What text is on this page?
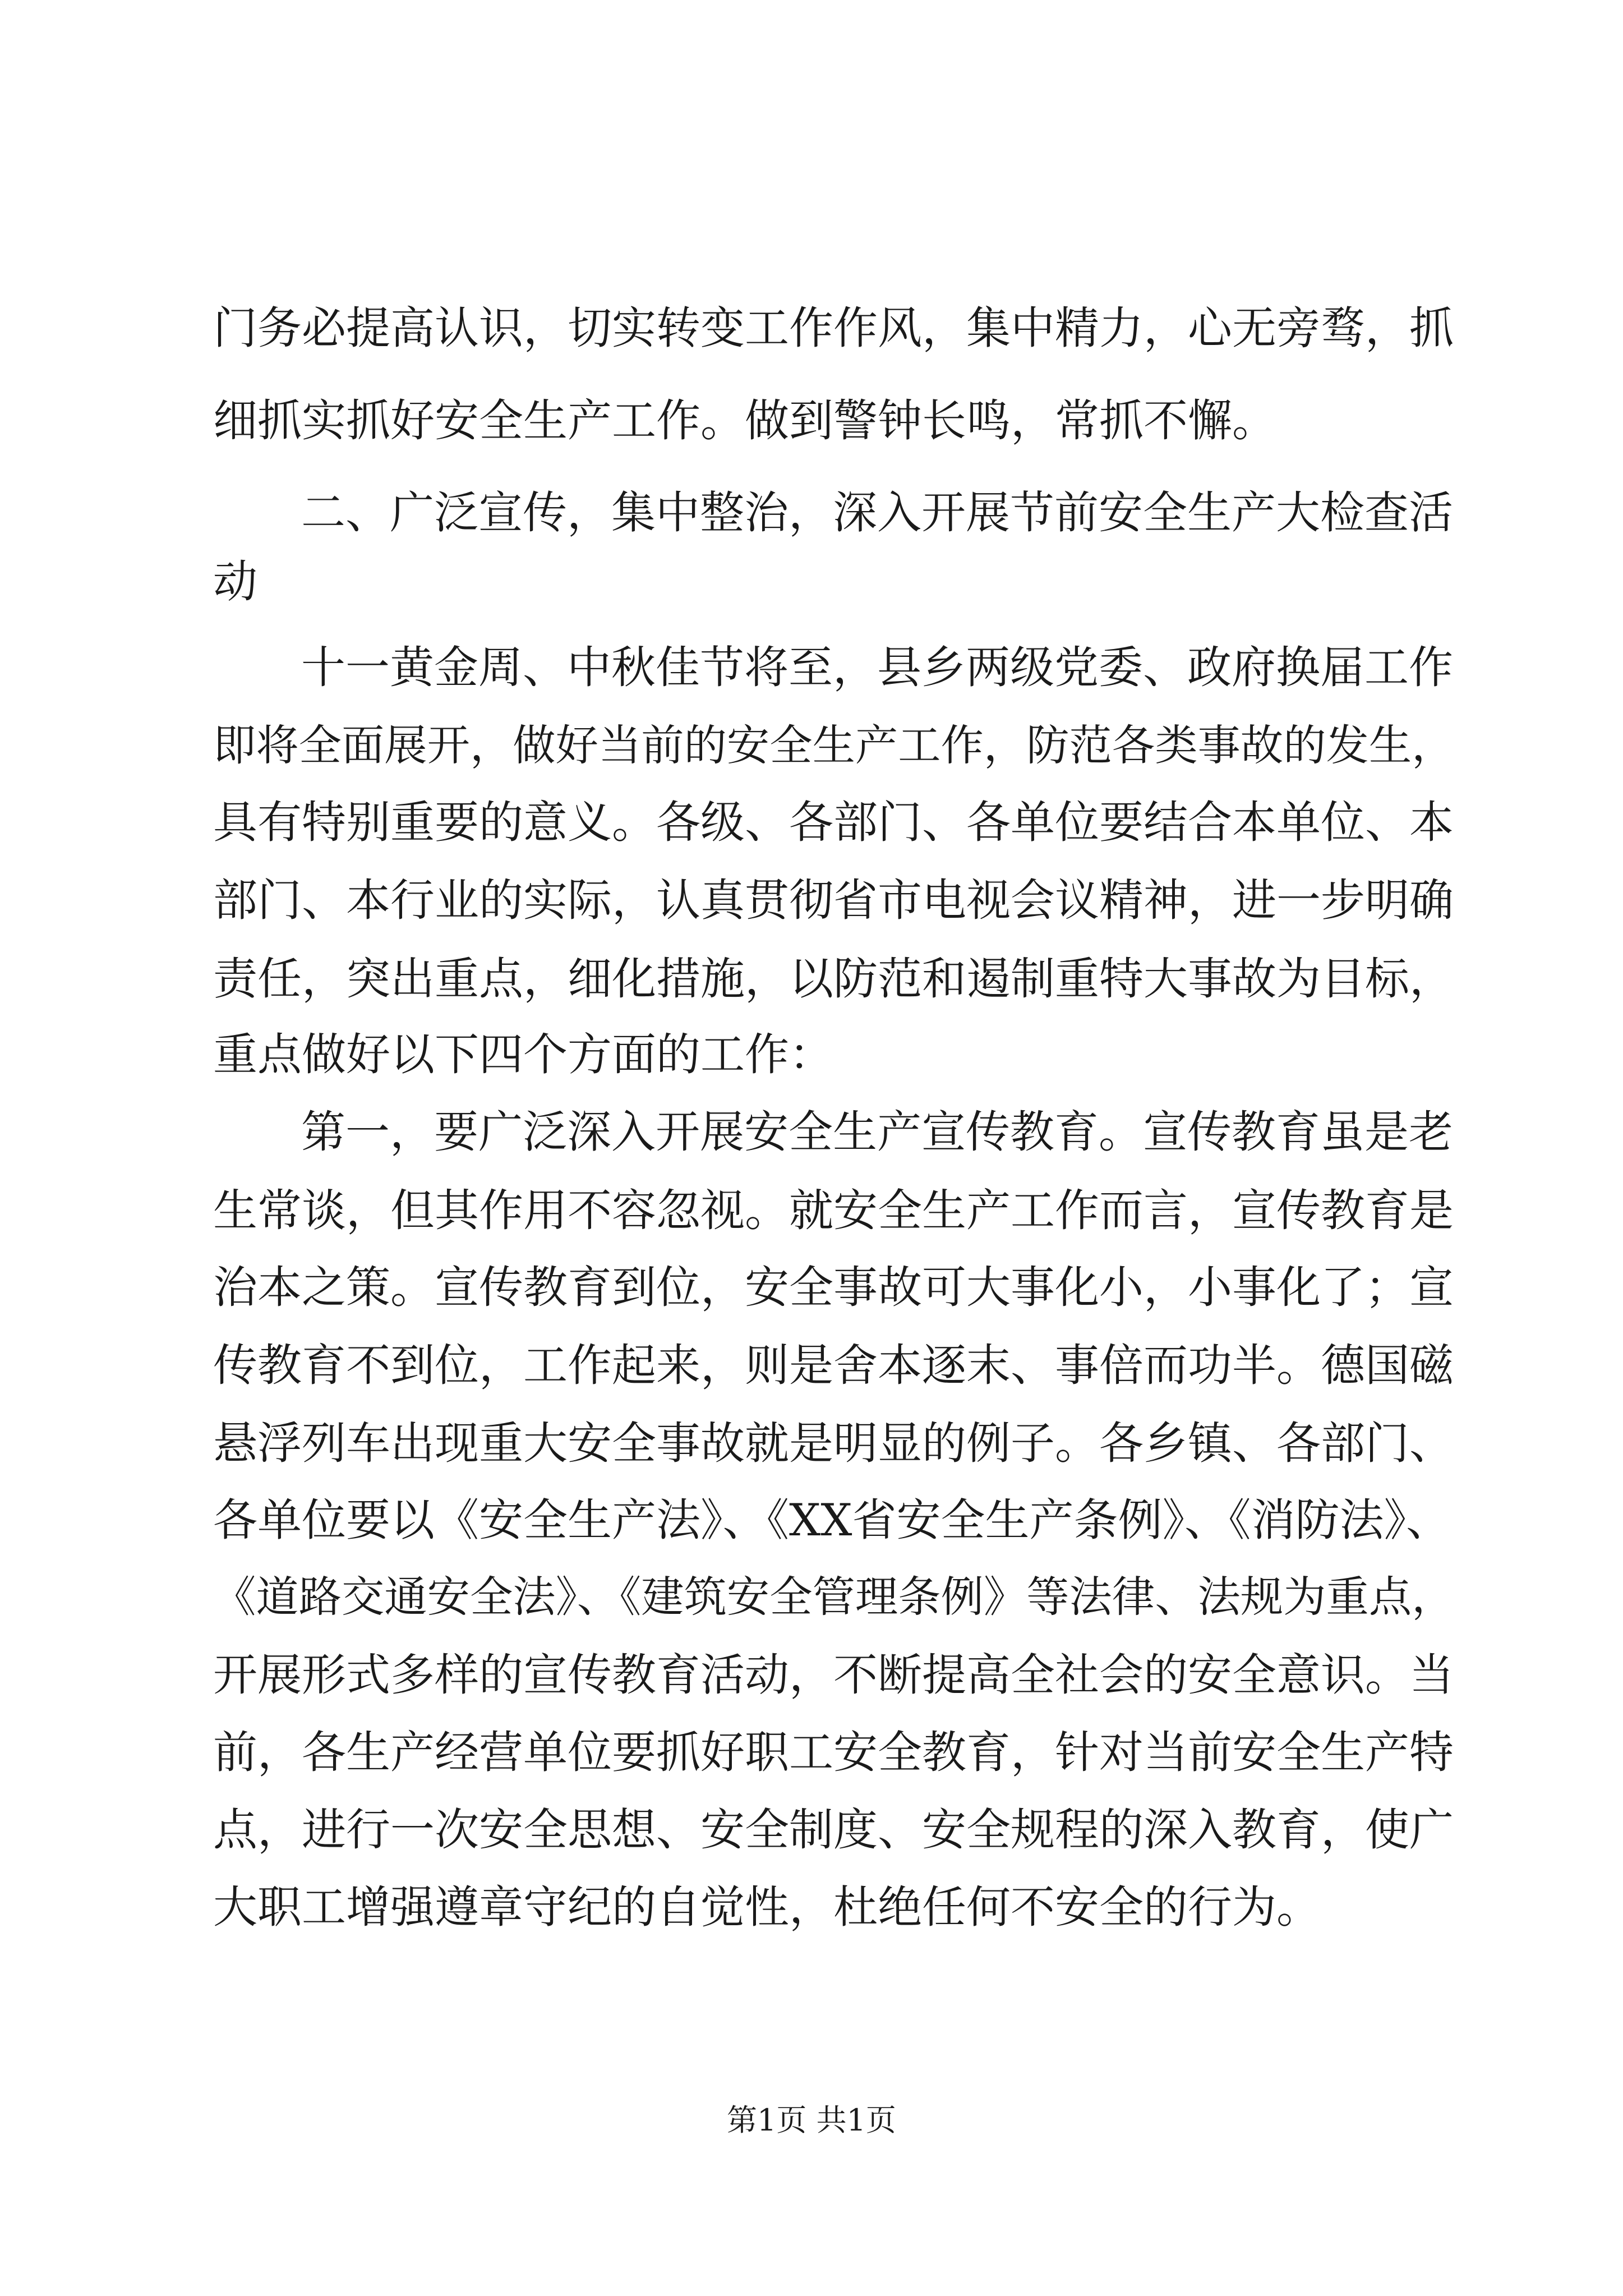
门务必提高认识，切实转变工作作风，集中精力，心无旁骛，抓

细抓实抓好安全生产工作。做到警钟长鸣，常抓不懈。

二、广泛宣传，集中整治，深入开展节前安全生产大检查活

动

十一黄金周、中秋佳节将至，县乡两级党委、政府换届工作

即将全面展开，做好当前的安全生产工作，防范各类事故的发生，

具有特别重要的意义。各级、各部门、各单位要结合本单位、本

部门、本行业的实际，认真贯彻省市电视会议精神，进一步明确

责任，突出重点，细化措施，以防范和遏制重特大事故为目标，

重点做好以下四个方面的工作：

第一，要广泛深入开展安全生产宣传教育。宣传教育虽是老

生常谈，但其作用不容忽视。就安全生产工作而言，宣传教育是

治本之策。宣传教育到位，安全事故可大事化小，小事化了；宣

传教育不到位，工作起来，则是舍本逐末、事倍而功半。德国磁

悬浮列车出现重大安全事故就是明显的例子。各乡镇、各部门、

各单位要以《安全生产法》、《XX省安全生产条例》、《消防法》、

《道路交通安全法》、《建筑安全管理条例》等法律、法规为重点，

开展形式多样的宣传教育活动，不断提高全社会的安全意识。当

前，各生产经营单位要抓好职工安全教育，针对当前安全生产特

点，进行一次安全思想、安全制度、安全规程的深入教育，使广

大职工增强遵章守纪的自觉性，杜绝任何不安全的行为。

第1页 共1页
